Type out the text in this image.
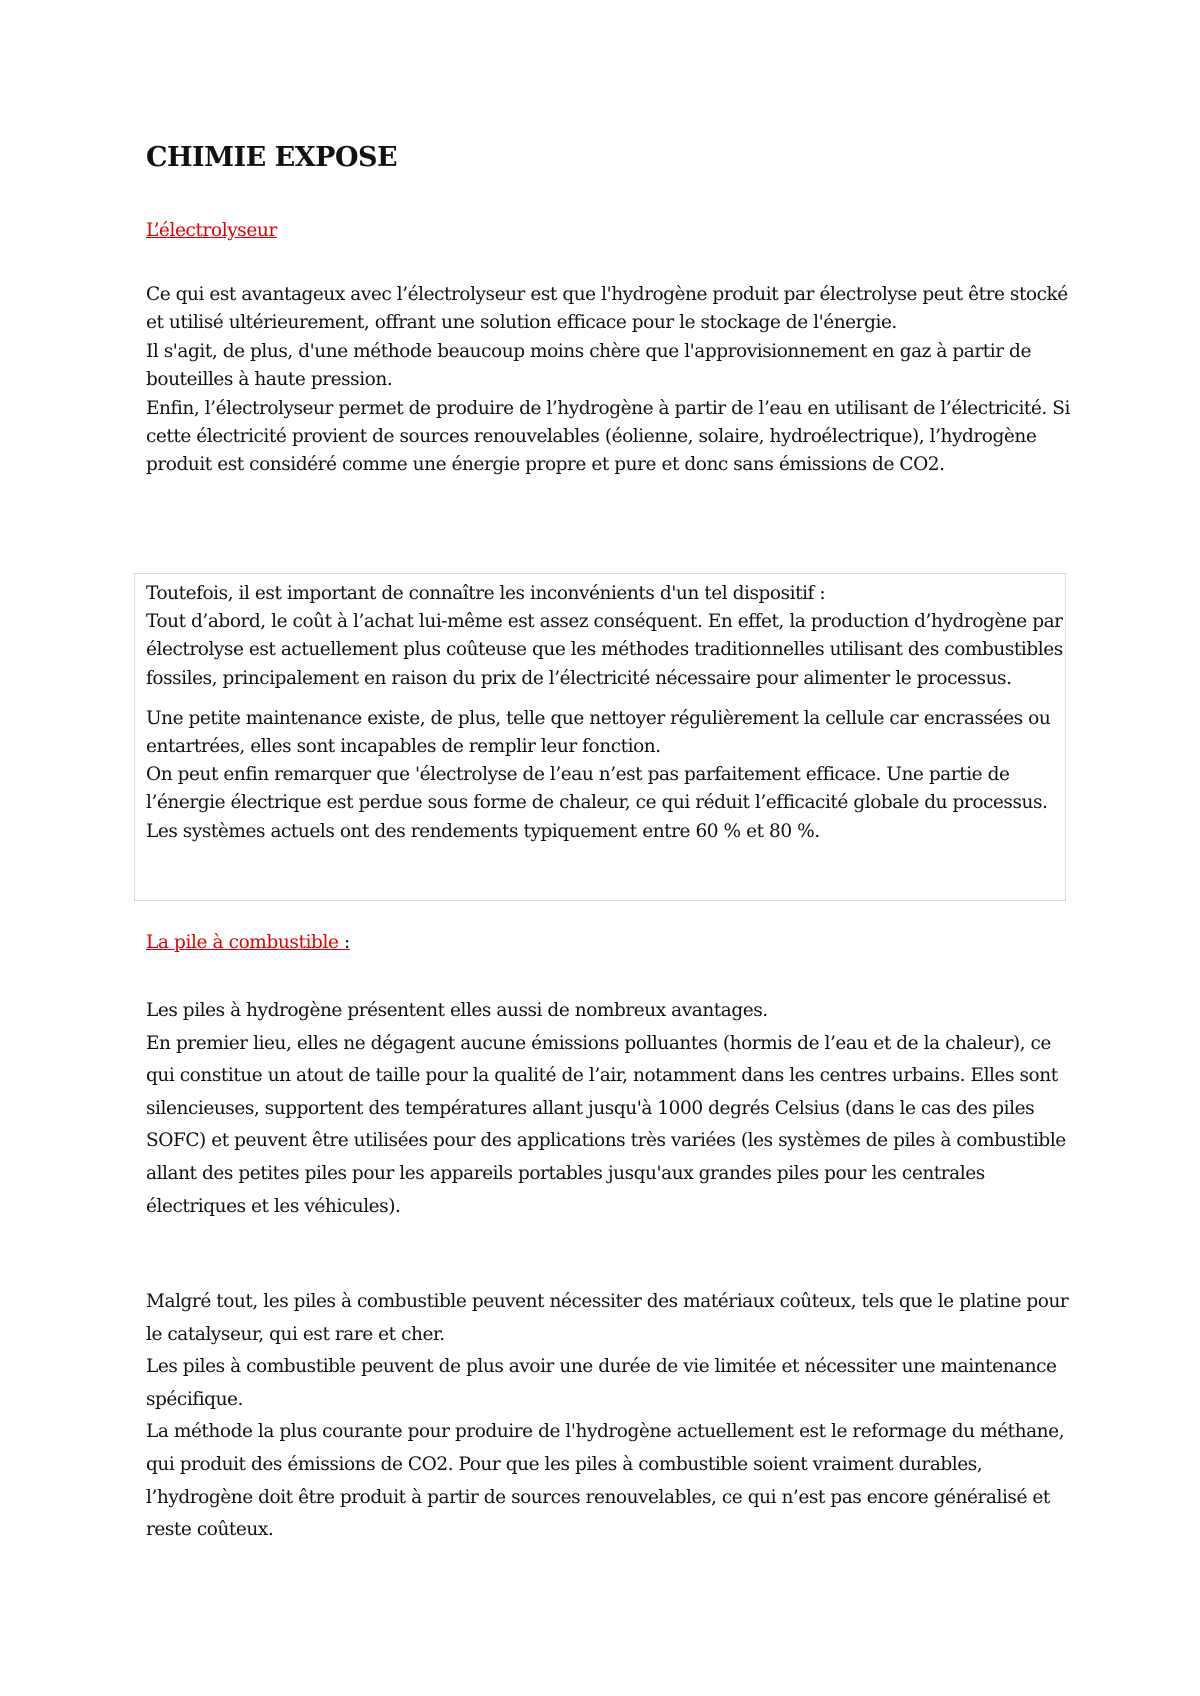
CHIMIE EXPOSE
L’électrolyseur

Ce qui est avantageux avec l’électrolyseur est que l'hydrogène produit par électrolyse peut être stocké et utilisé ultérieurement, offrant une solution efficace pour le stockage de l'énergie.

Il s'agit, de plus, d'une méthode beaucoup moins chère que l'approvisionnement en gaz à partir de bouteilles à haute pression.

Enfin, l’électrolyseur permet de produire de l’hydrogène à partir de l’eau en utilisant de l’électricité. Si cette électricité provient de sources renouvelables (éolienne, solaire, hydroélectrique), l’hydrogène produit est considéré comme une énergie propre et pure et donc sans émissions de CO2.

Toutefois, il est important de connaître les inconvénients d'un tel dispositif :

Tout d’abord, le coût à l’achat lui-même est assez conséquent. En effet, la production d’hydrogène par électrolyse est actuellement plus coûteuse que les méthodes traditionnelles utilisant des combustibles fossiles, principalement en raison du prix de l’électricité nécessaire pour alimenter le processus.

Une petite maintenance existe, de plus, telle que nettoyer régulièrement la cellule car encrassées ou entartrées, elles sont incapables de remplir leur fonction.

On peut enfin remarquer que 'électrolyse de l’eau n’est pas parfaitement efficace. Une partie de l’énergie électrique est perdue sous forme de chaleur, ce qui réduit l’efficacité globale du processus. Les systèmes actuels ont des rendements typiquement entre 60 % et 80 %.

La pile à combustible :

Les piles à hydrogène présentent elles aussi de nombreux avantages.

En premier lieu, elles ne dégagent aucune émissions polluantes (hormis de l’eau et de la chaleur), ce qui constitue un atout de taille pour la qualité de l’air, notamment dans les centres urbains. Elles sont silencieuses, supportent des températures allant jusqu'à 1000 degrés Celsius (dans le cas des piles SOFC) et peuvent être utilisées pour des applications très variées (les systèmes de piles à combustible allant des petites piles pour les appareils portables jusqu'aux grandes piles pour les centrales électriques et les véhicules).

Malgré tout, les piles à combustible peuvent nécessiter des matériaux coûteux, tels que le platine pour le catalyseur, qui est rare et cher.

Les piles à combustible peuvent de plus avoir une durée de vie limitée et nécessiter une maintenance spécifique.

La méthode la plus courante pour produire de l'hydrogène actuellement est le reformage du méthane, qui produit des émissions de CO2. Pour que les piles à combustible soient vraiment durables, l’hydrogène doit être produit à partir de sources renouvelables, ce qui n’est pas encore généralisé et reste coûteux.
